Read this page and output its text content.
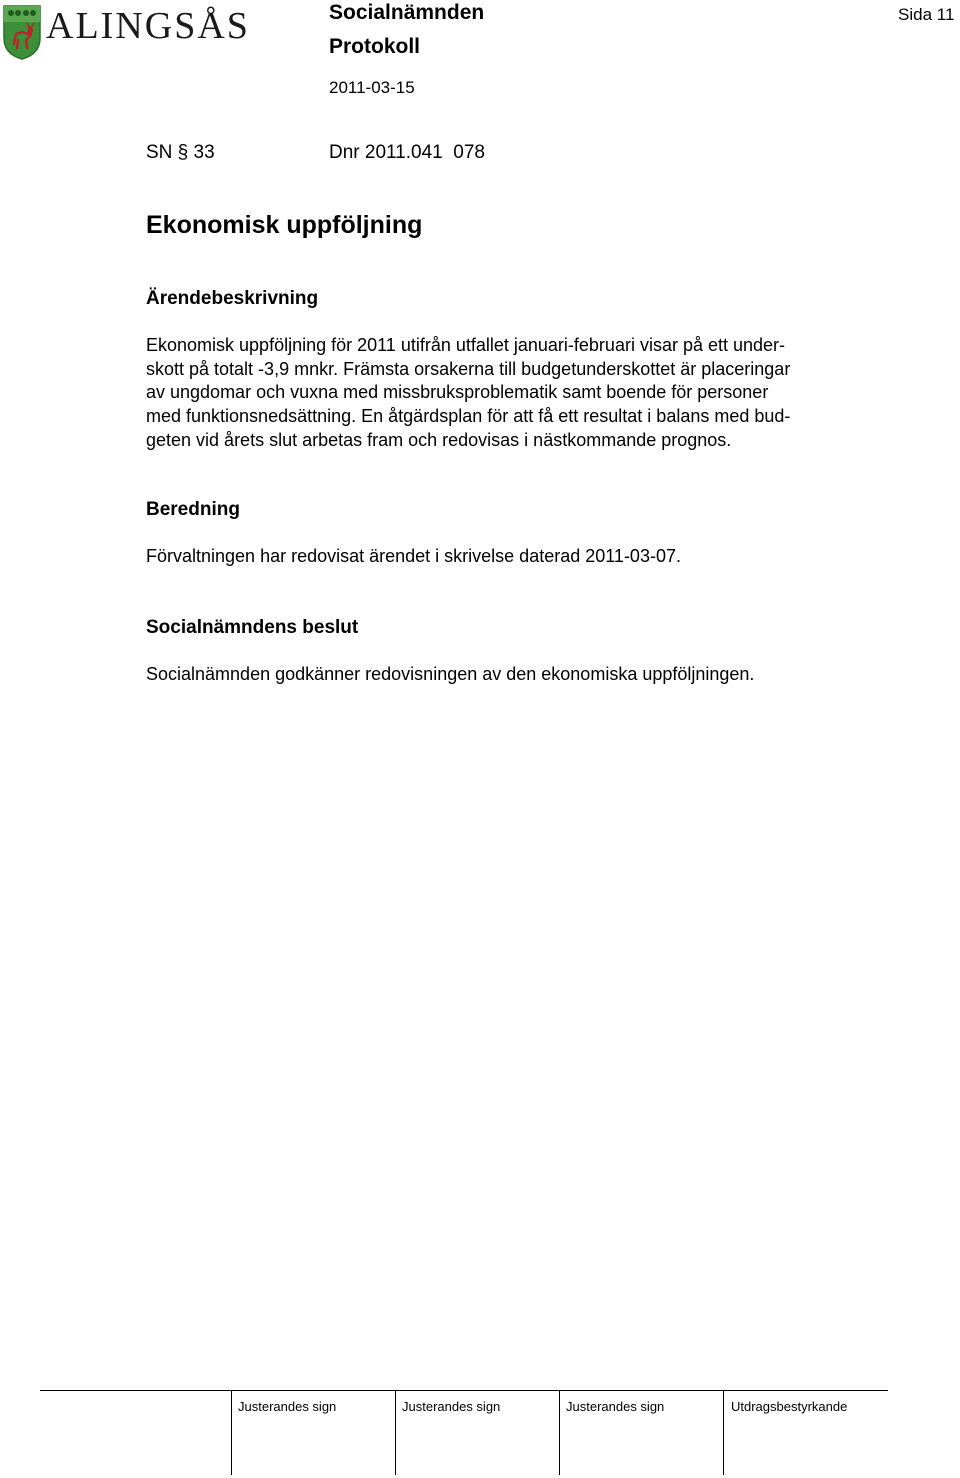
ALINGSÅS	Socialnämnden
Protokoll
2011-03-15
Sida 11
SN § 33	Dnr 2011.041  078
Ekonomisk uppföljning
Ärendebeskrivning

Ekonomisk uppföljning för 2011 utifrån utfallet januari-februari visar på ett under-

skott på totalt -3,9 mnkr. Främsta orsakerna till budgetunderskottet är placeringar

av ungdomar och vuxna med missbruksproblematik samt boende för personer

med funktionsnedsättning. En åtgärdsplan för att få ett resultat i balans med bud-

geten vid årets slut arbetas fram och redovisas i nästkommande prognos.

Beredning
Förvaltningen har redovisat ärendet i skrivelse daterad 2011-03-07.
Socialnämndens beslut
Socialnämnden godkänner redovisningen av den ekonomiska uppföljningen.
Justerandes sign	Justerandes sign	Justerandes sign	Utdragsbestyrkande
